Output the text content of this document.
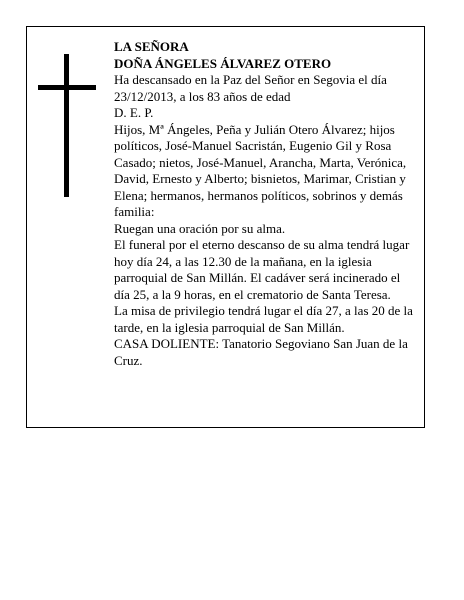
LA SEÑORA

DOÑA ÁNGELES ÁLVAREZ OTERO

Ha descansado en la Paz del Señor en Segovia el día 23/12/2013, a los 83 años de edad

D. E. P.

Hijos, Mª Ángeles, Peña y Julián Otero Álvarez; hijos políticos, José-Manuel Sacristán, Eugenio Gil y Rosa Casado; nietos, José-Manuel, Arancha, Marta, Verónica, David, Ernesto y Alberto; bisnietos, Marimar, Cristian y Elena; hermanos, hermanos políticos, sobrinos y demás familia:

Ruegan una oración por su alma.

El funeral por el eterno descanso de su alma tendrá lugar hoy día 24, a las 12.30 de la mañana, en la iglesia parroquial de San Millán. El cadáver será incinerado el día 25, a la 9 horas, en el crematorio de Santa Teresa.

La misa de privilegio tendrá lugar el día 27, a las 20 de la tarde, en la iglesia parroquial de San Millán.

CASA DOLIENTE: Tanatorio Segoviano San Juan de la Cruz.
